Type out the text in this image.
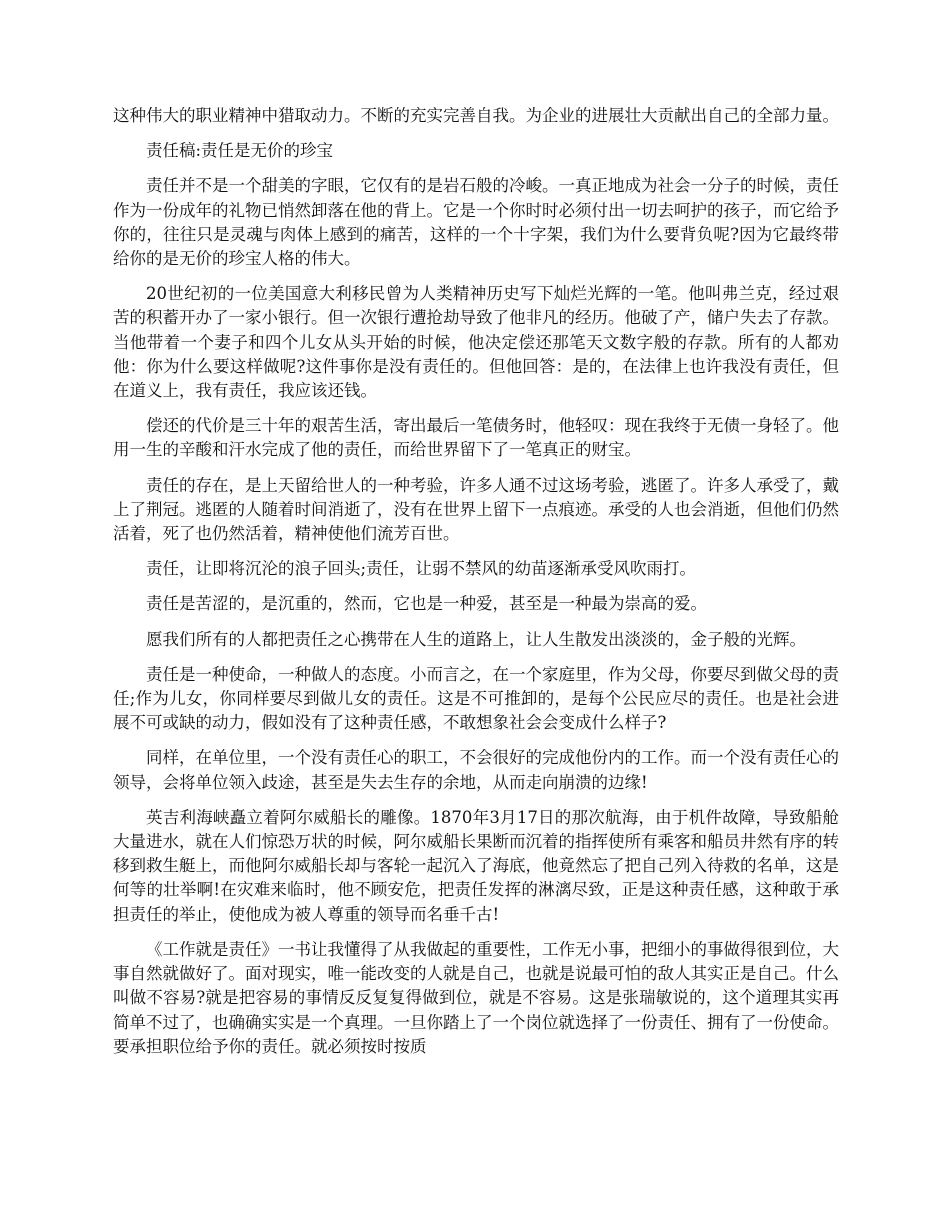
这种伟大的职业精神中猎取动力。不断的充实完善自我。为企业的进展壮大贡献出自己的全部力量。

责任稿:责任是无价的珍宝

责任并不是一个甜美的字眼，它仅有的是岩石般的冷峻。一真正地成为社会一分子的时候，责任作为一份成年的礼物已悄然卸落在他的背上。它是一个你时时必须付出一切去呵护的孩子，而它给予你的，往往只是灵魂与肉体上感到的痛苦，这样的一个十字架，我们为什么要背负呢?因为它最终带给你的是无价的珍宝人格的伟大。

20世纪初的一位美国意大利移民曾为人类精神历史写下灿烂光辉的一笔。他叫弗兰克，经过艰苦的积蓄开办了一家小银行。但一次银行遭抢劫导致了他非凡的经历。他破了产，储户失去了存款。当他带着一个妻子和四个儿女从头开始的时候，他决定偿还那笔天文数字般的存款。所有的人都劝他：你为什么要这样做呢?这件事你是没有责任的。但他回答：是的，在法律上也许我没有责任，但在道义上，我有责任，我应该还钱。

偿还的代价是三十年的艰苦生活，寄出最后一笔债务时，他轻叹：现在我终于无债一身轻了。他用一生的辛酸和汗水完成了他的责任，而给世界留下了一笔真正的财宝。

责任的存在，是上天留给世人的一种考验，许多人通不过这场考验，逃匿了。许多人承受了，戴上了荆冠。逃匿的人随着时间消逝了，没有在世界上留下一点痕迹。承受的人也会消逝，但他们仍然活着，死了也仍然活着，精神使他们流芳百世。

责任，让即将沉沦的浪子回头;责任，让弱不禁风的幼苗逐渐承受风吹雨打。

责任是苦涩的，是沉重的，然而，它也是一种爱，甚至是一种最为崇高的爱。

愿我们所有的人都把责任之心携带在人生的道路上，让人生散发出淡淡的，金子般的光辉。

责任是一种使命，一种做人的态度。小而言之，在一个家庭里，作为父母，你要尽到做父母的责任;作为儿女，你同样要尽到做儿女的责任。这是不可推卸的，是每个公民应尽的责任。也是社会进展不可或缺的动力，假如没有了这种责任感，不敢想象社会会变成什么样子?

同样，在单位里，一个没有责任心的职工，不会很好的完成他份内的工作。而一个没有责任心的领导，会将单位领入歧途，甚至是失去生存的余地，从而走向崩溃的边缘!

英吉利海峡矗立着阿尔威船长的雕像。1870年3月17日的那次航海，由于机件故障，导致船舱大量进水，就在人们惊恐万状的时候，阿尔威船长果断而沉着的指挥使所有乘客和船员井然有序的转移到救生艇上，而他阿尔威船长却与客轮一起沉入了海底，他竟然忘了把自己列入待救的名单，这是何等的壮举啊!在灾难来临时，他不顾安危，把责任发挥的淋漓尽致，正是这种责任感，这种敢于承担责任的举止，使他成为被人尊重的领导而名垂千古!

《工作就是责任》一书让我懂得了从我做起的重要性，工作无小事，把细小的事做得很到位，大事自然就做好了。面对现实，唯一能改变的人就是自己，也就是说最可怕的敌人其实正是自己。什么叫做不容易?就是把容易的事情反反复复得做到位，就是不容易。这是张瑞敏说的，这个道理其实再简单不过了，也确确实实是一个真理。一旦你踏上了一个岗位就选择了一份责任、拥有了一份使命。要承担职位给予你的责任。就必须按时按质
